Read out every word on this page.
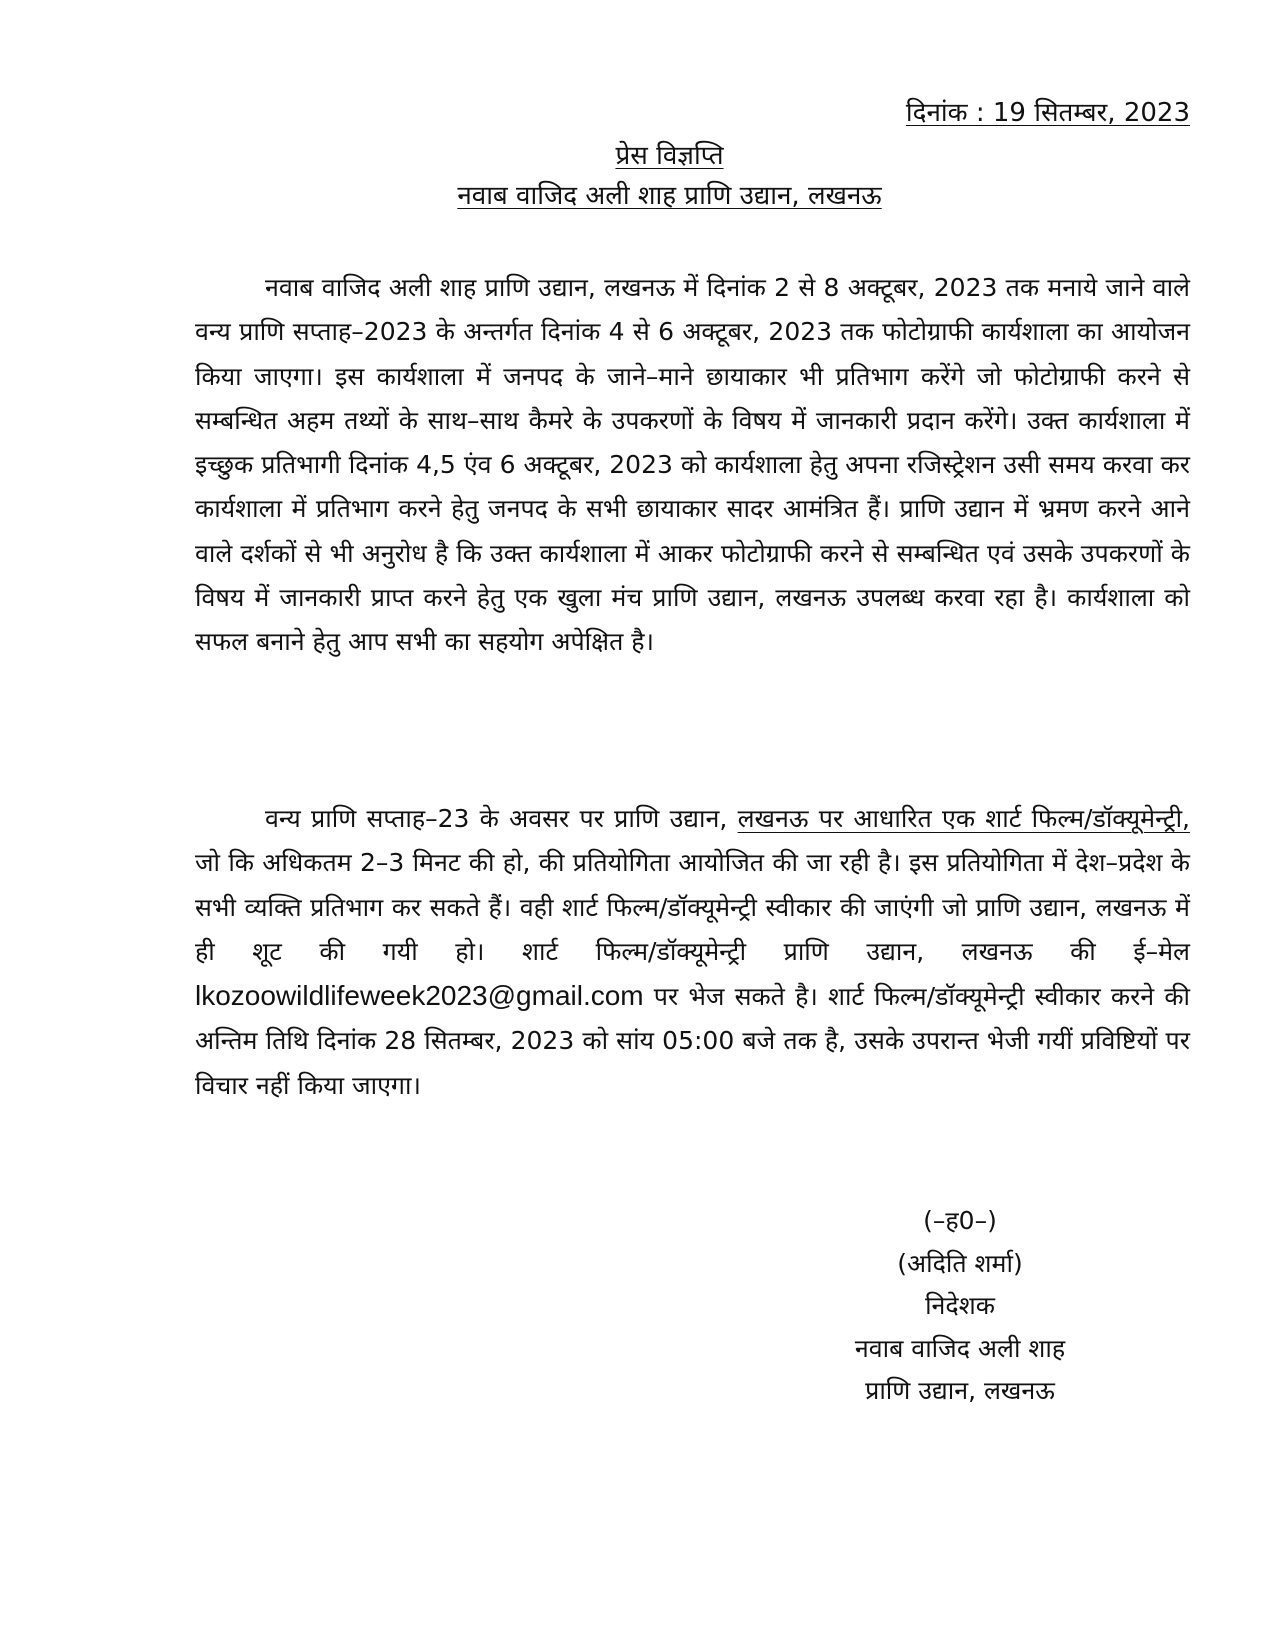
दिनांक : 19 सितम्बर, 2023
प्रेस विज्ञप्ति
नवाब वाजिद अली शाह प्राणि उद्यान, लखनऊ

नवाब वाजिद अली शाह प्राणि उद्यान, लखनऊ में दिनांक 2 से 8 अक्टूबर, 2023 तक मनाये जाने वाले वन्य प्राणि सप्ताह–2023 के अन्तर्गत दिनांक 4 से 6 अक्टूबर, 2023 तक फोटोग्राफी कार्यशाला का आयोजन किया जाएगा। इस कार्यशाला में जनपद के जाने–माने छायाकार भी प्रतिभाग करेंगे जो फोटोग्राफी करने से सम्बन्धित अहम तथ्यों के साथ–साथ कैमरे के उपकरणों के विषय में जानकारी प्रदान करेंगे। उक्त कार्यशाला में इच्छुक प्रतिभागी दिनांक 4,5 एंव 6 अक्टूबर, 2023 को कार्यशाला हेतु अपना रजिस्ट्रेशन उसी समय करवा कर कार्यशाला में प्रतिभाग करने हेतु जनपद के सभी छायाकार सादर आमंत्रित हैं। प्राणि उद्यान में भ्रमण करने आने वाले दर्शकों से भी अनुरोध है कि उक्त कार्यशाला में आकर फोटोग्राफी करने से सम्बन्धित एवं उसके उपकरणों के विषय में जानकारी प्राप्त करने हेतु एक खुला मंच प्राणि उद्यान, लखनऊ उपलब्ध करवा रहा है। कार्यशाला को सफल बनाने हेतु आप सभी का सहयोग अपेक्षित है।

वन्य प्राणि सप्ताह–23 के अवसर पर प्राणि उद्यान, लखनऊ पर आधारित एक शार्ट फिल्म/डॉक्यूमेन्ट्री, जो कि अधिकतम 2–3 मिनट की हो, की प्रतियोगिता आयोजित की जा रही है। इस प्रतियोगिता में देश–प्रदेश के सभी व्यक्ति प्रतिभाग कर सकते हैं। वही शार्ट फिल्म/डॉक्यूमेन्ट्री स्वीकार की जाएंगी जो प्राणि उद्यान, लखनऊ में ही शूट की गयी हो। शार्ट फिल्म/डॉक्यूमेन्ट्री प्राणि उद्यान, लखनऊ की ई–मेल lkozoowildlifeweek2023@gmail.com पर भेज सकते है। शार्ट फिल्म/डॉक्यूमेन्ट्री स्वीकार करने की अन्तिम तिथि दिनांक 28 सितम्बर, 2023 को सांय 05:00 बजे तक है, उसके उपरान्त भेजी गयीं प्रविष्टियों पर विचार नहीं किया जाएगा।

(–ह0–)
(अदिति शर्मा)
निदेशक
नवाब वाजिद अली शाह
प्राणि उद्यान, लखनऊ
